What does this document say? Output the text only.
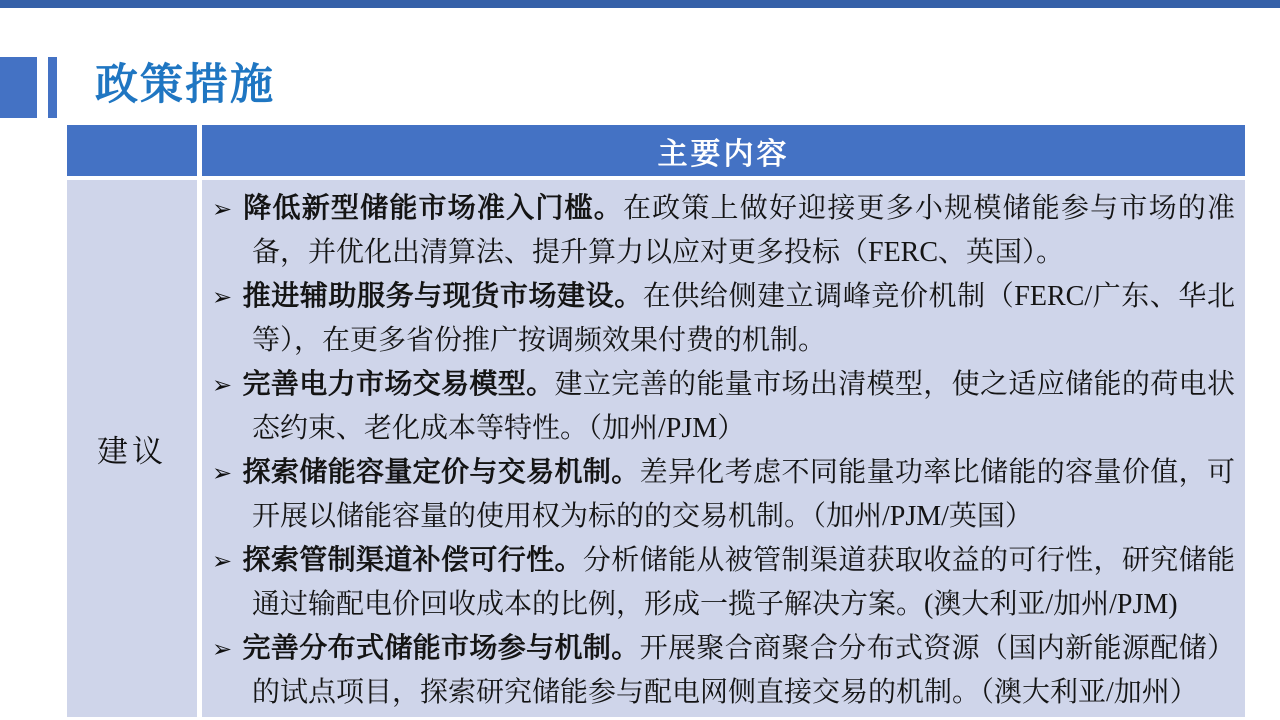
政策措施
主要内容
建议
➢ 降低新型储能市场准入门槛。在政策上做好迎接更多小规模储能参与市场的准备，并优化出清算法、提升算力以应对更多投标（FERC、英国）。
➢ 推进辅助服务与现货市场建设。在供给侧建立调峰竞价机制（FERC/广东、华北等），在更多省份推广按调频效果付费的机制。
➢ 完善电力市场交易模型。建立完善的能量市场出清模型，使之适应储能的荷电状态约束、老化成本等特性。（加州/PJM）
➢ 探索储能容量定价与交易机制。差异化考虑不同能量功率比储能的容量价值，可开展以储能容量的使用权为标的的交易机制。（加州/PJM/英国）
➢ 探索管制渠道补偿可行性。分析储能从被管制渠道获取收益的可行性，研究储能通过输配电价回收成本的比例，形成一揽子解决方案。(澳大利亚/加州/PJM)
➢ 完善分布式储能市场参与机制。开展聚合商聚合分布式资源（国内新能源配储）的试点项目，探索研究储能参与配电网侧直接交易的机制。（澳大利亚/加州）
